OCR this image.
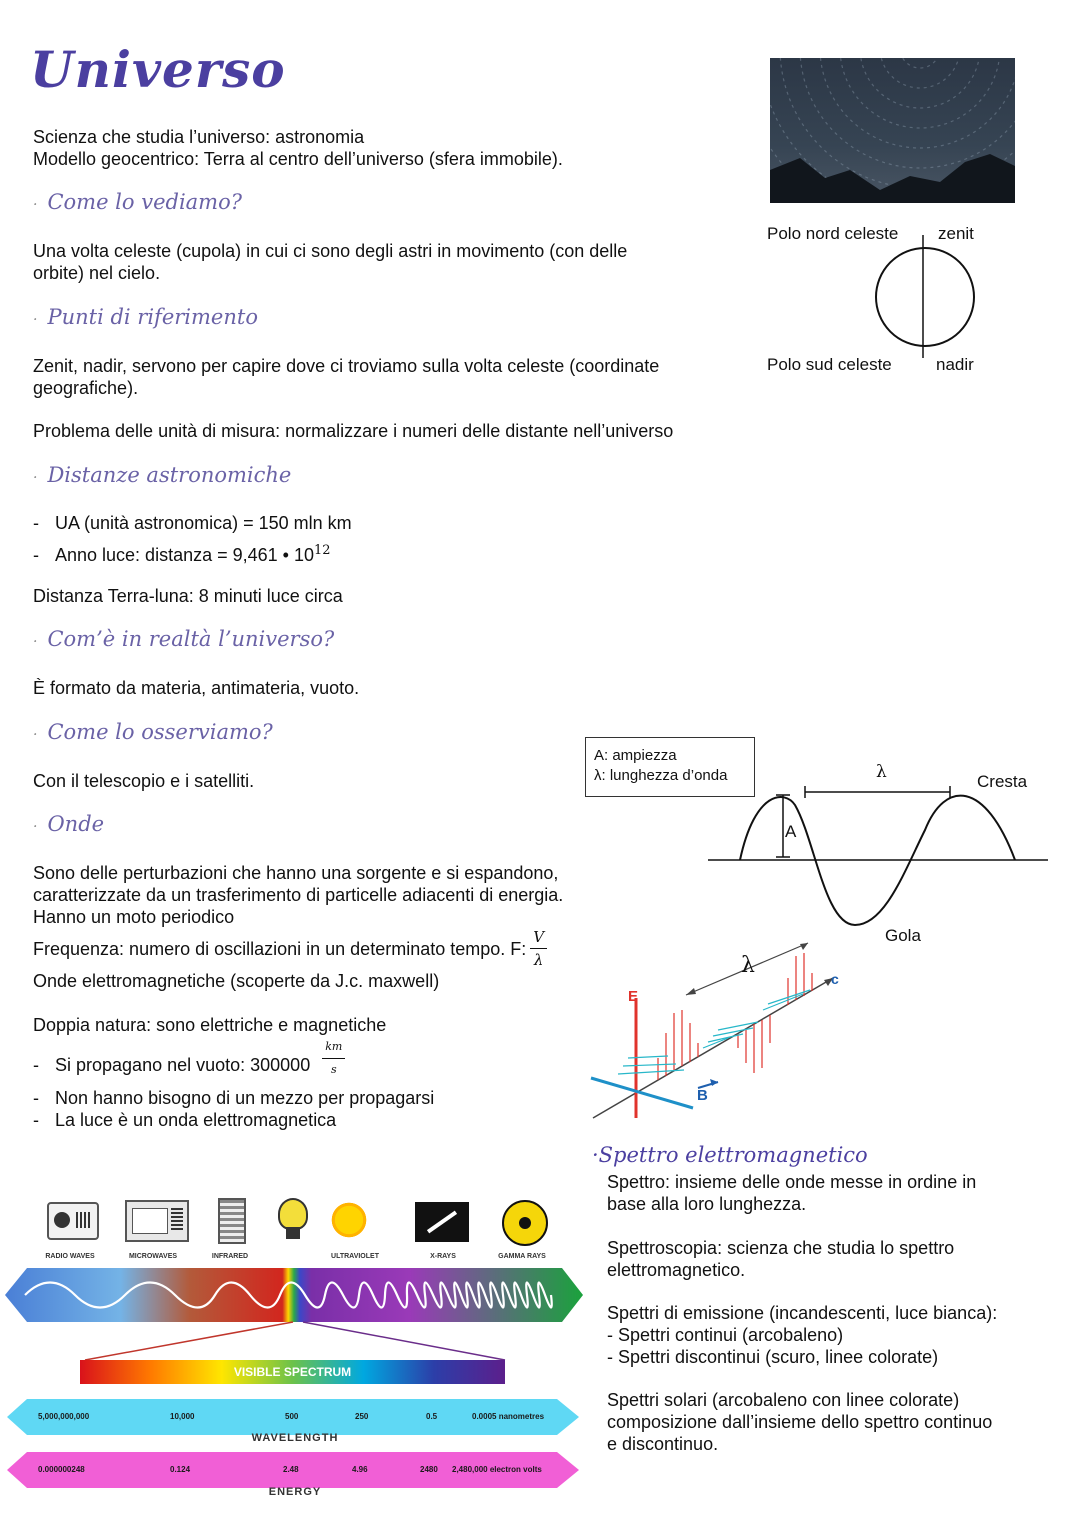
Universo
Scienza che studia l’universo: astronomia
Modello geocentrico: Terra al centro dell’universo (sfera immobile).
· Come lo vediamo?
Una volta celeste (cupola) in cui ci sono degli astri in movimento (con delle
orbite) nel cielo.
· Punti di riferimento
Zenit, nadir, servono per capire dove ci troviamo sulla volta celeste (coordinate
geografiche).
Problema delle unità di misura: normalizzare i numeri delle distante nell’universo
· Distanze astronomiche
- UA (unità astronomica) = 150 mln km
- Anno luce: distanza = 9,461 • $10^{12}$
Distanza Terra-luna: 8 minuti luce circa
· Com’è in realtà l’universo?
È formato da materia, antimateria, vuoto.
· Come lo osserviamo?
Con il telescopio e i satelliti.
· Onde
Sono delle perturbazioni che hanno una sorgente e si espandono,
caratterizzate da un trasferimento di particelle adiacenti di energia.
Hanno un moto periodico
Frequenza: numero di oscillazioni in un determinato tempo. F: $\frac{V}{\lambda}$
Onde elettromagnetiche (scoperte da J.c. maxwell)
Doppia natura: sono elettriche e magnetiche
- Si propagano nel vuoto: $300000 \frac{km}{s}$
- Non hanno bisogno di un mezzo per propagarsi
- La luce è un onda elettromagnetica
Polo nord celeste zenit
Polo sud celeste	nadir
A: ampiezza
λ: lunghezza d’onda	λ	Cresta
Gola
A
E
B
c
λ
·Spettro elettromagnetico
Spettro: insieme delle onde messe in ordine in
base alla loro lunghezza.
Spettroscopia: scienza che studia lo spettro
elettromagnetico.
Spettri di emissione (incandescenti, luce bianca):
- Spettri continui (arcobaleno)
- Spettri discontinui (scuro, linee colorate)
Spettri solari (arcobaleno con linee colorate)
composizione dall’insieme dello spettro continuo
e discontinuo.
RADIO WAVES	MICROWAVES	INFRARED	ULTRAVIOLET	X-RAYS	GAMMA RAYS
VISIBLE SPECTRUM
5,000,000,000	10,000	500	250	0.5	0.0005 nanometres
WAVELENGTH
0.000000248	0.124	2.48	4.96	2480 2,480,000 electron volts
ENERGY
